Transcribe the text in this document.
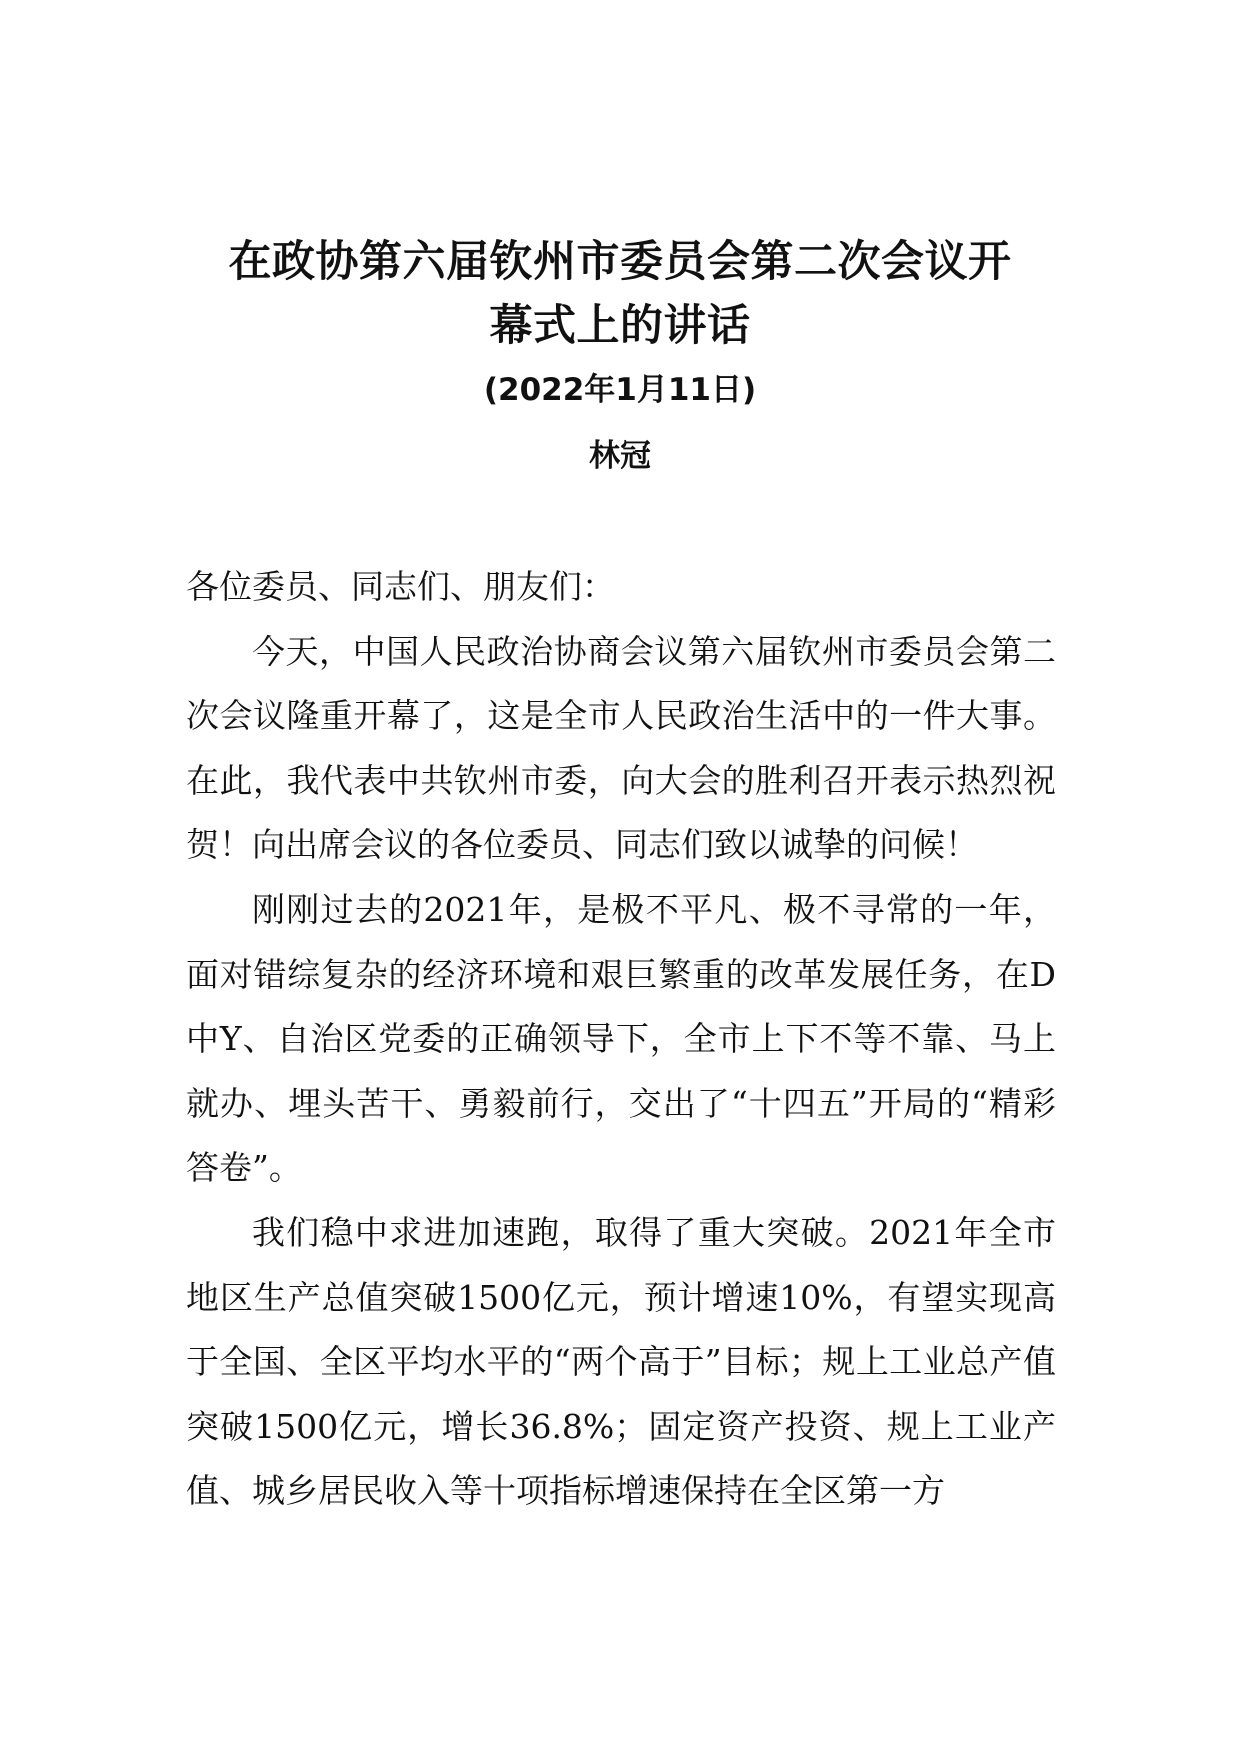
在政协第六届钦州市委员会第二次会议开
幕式上的讲话

(2022年1月11日)

林冠

各位委员、同志们、朋友们：

今天，中国人民政治协商会议第六届钦州市委员会第二次会议隆重开幕了，这是全市人民政治生活中的一件大事。在此，我代表中共钦州市委，向大会的胜利召开表示热烈祝贺！向出席会议的各位委员、同志们致以诚挚的问候！

刚刚过去的2021年，是极不平凡、极不寻常的一年，面对错综复杂的经济环境和艰巨繁重的改革发展任务，在D中Y、自治区党委的正确领导下，全市上下不等不靠、马上就办、埋头苦干、勇毅前行，交出了“十四五”开局的“精彩答卷”。

我们稳中求进加速跑，取得了重大突破。2021年全市地区生产总值突破1500亿元，预计增速10%，有望实现高于全国、全区平均水平的“两个高于”目标；规上工业总产值突破1500亿元，增长36.8%；固定资产投资、规上工业产值、城乡居民收入等十项指标增速保持在全区第一方
